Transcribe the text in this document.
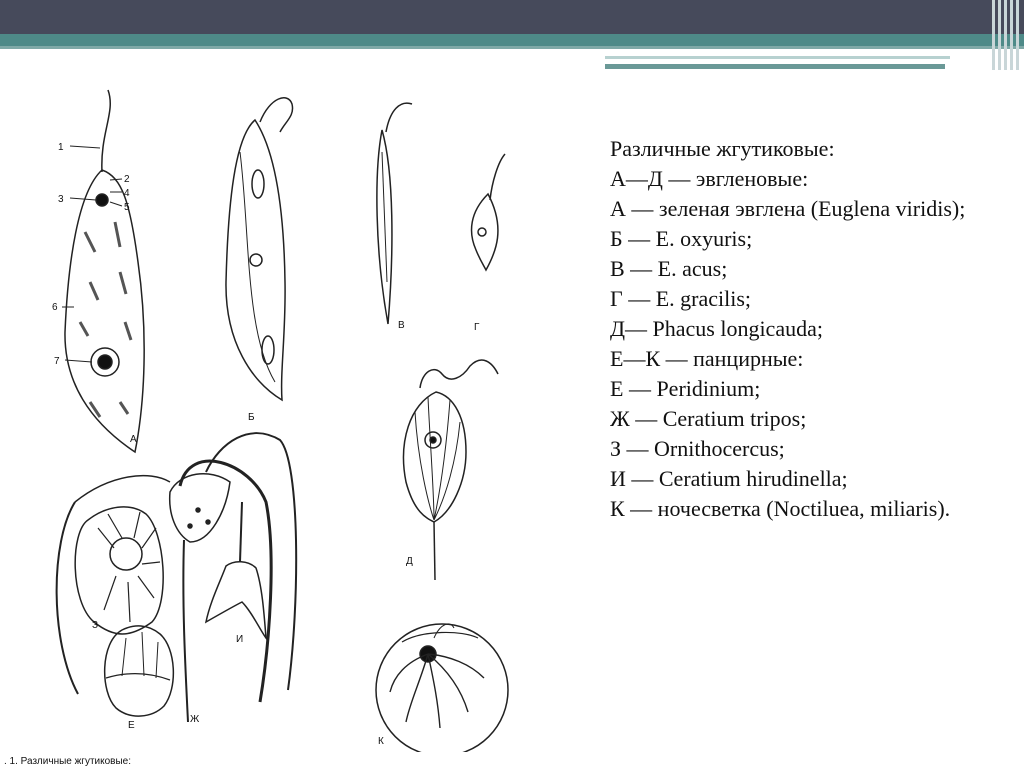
1
2
3
4
5
6
7
А
Б
В	Г
Д
З
И
Е
Ж
К
Различные жгутиковые:
А—Д — эвгленовые:
А — зеленая эвглена (Euglena viridis);
Б — E. oxyuris;
В — E. acus;
Г — E. gracilis;
Д— Phacus longicauda;
Е—К — панцирные:
Е — Peridinium;
Ж — Ceratium tripos;
З — Ornithocercus;
И — Ceratium hirudinella;
К — ночесветка (Noctiluea, miliaris).
. 1. Различные жгутиковые:
